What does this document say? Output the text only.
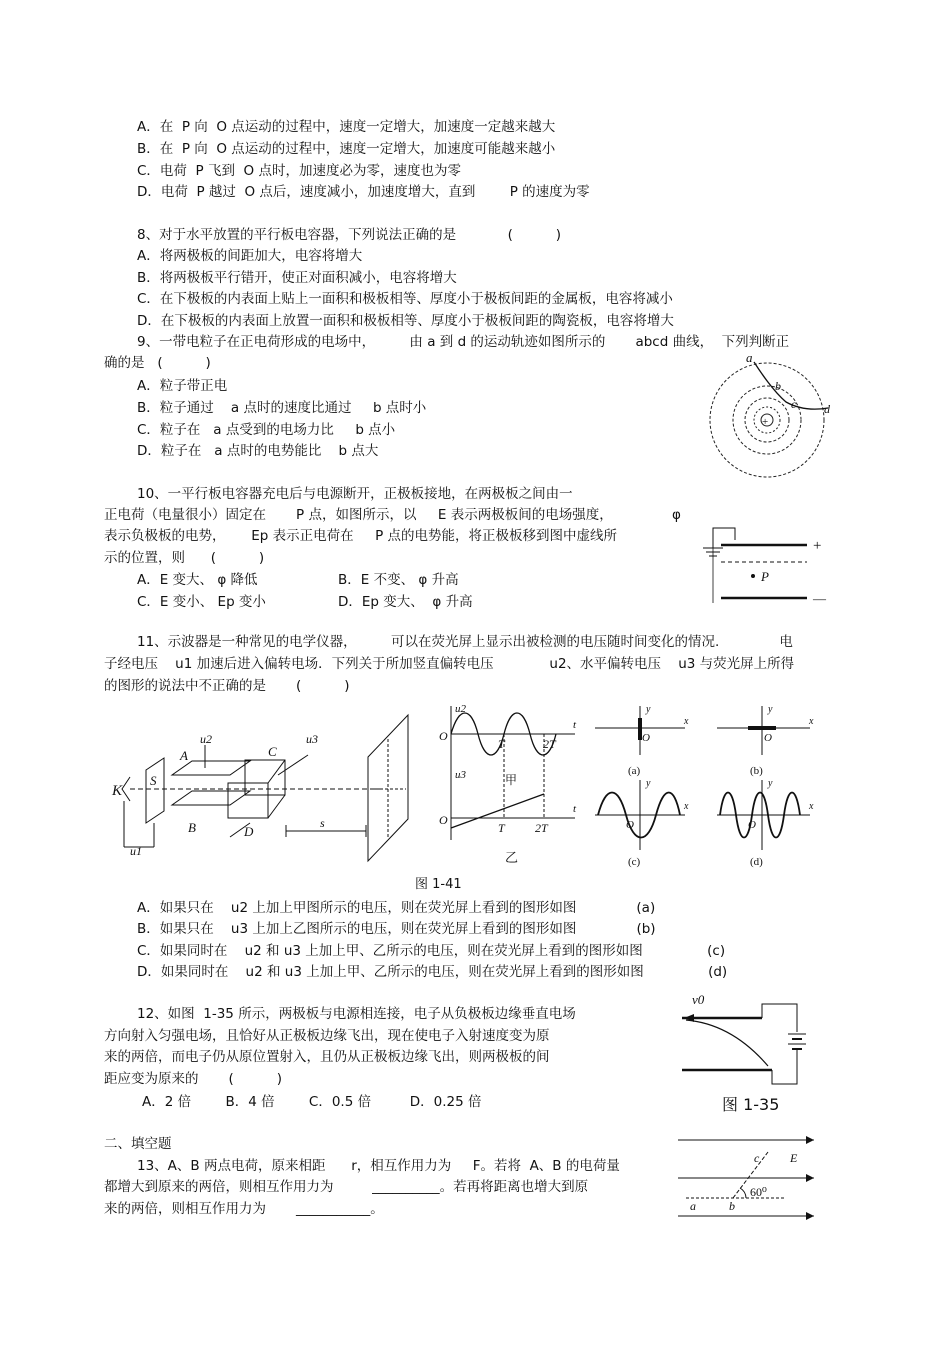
A．在  P 向  O 点运动的过程中，速度一定增大，加速度一定越来越大
B．在  P 向  O 点运动的过程中，速度一定增大，加速度可能越来越小
C．电荷  P 飞到  O 点时，加速度必为零，速度也为零
D．电荷  P 越过  O 点后，速度减小，加速度增大，直到        P 的速度为零
8、对于水平放置的平行板电容器，下列说法正确的是            (          )
A．将两极板的间距加大，电容将增大
B．将两极板平行错开，使正对面积减小，电容将增大
C．在下极板的内表面上贴上一面积和极板相等、厚度小于极板间距的金属板，电容将减小
D．在下极板的内表面上放置一面积和极板相等、厚度小于极板间距的陶瓷板，电容将增大
9、一带电粒子在正电荷形成的电场中，        由 a 到 d 的运动轨迹如图所示的       abcd 曲线，  下列判断正
确的是   (          )
A．粒子带正电
B．粒子通过    a 点时的速度比通过     b 点时小
C．粒子在   a 点受到的电场力比     b 点小
D．粒子在   a 点时的电势能比    b 点大
+
a
b
c d
10、一平行板电容器充电后与电源断开，正极板接地，在两极板之间由一
正电荷（电量很小）固定在       P 点，如图所示，以     E 表示两极板间的电场强度，	φ
表示负极板的电势，      Ep 表示正电荷在     P 点的电势能，将正极板移到图中虚线所
示的位置，则      (          )
A．E 变大、 φ 降低	B．E 不变、 φ 升高
C．E 变小、 Ep 变小	D．Ep 变大、  φ 升高
P
+
—
11、示波器是一种常见的电学仪器，        可以在荧光屏上显示出被检测的电压随时间变化的情况.              电
子经电压    u1 加速后进入偏转电场．下列关于所加竖直偏转电压             u2、水平偏转电压    u3 与荧光屏上所得
的图形的说法中不正确的是       (          )
K
S
u1
u2
A
B
C
D
u3
s
u2
t
O
T	2T
甲
u3
t
O
T	2T
乙
y
x
O
(a)
y
x
O
(b)
y
x
O
(c)
y
x
O
(d)
图 1-41
A．如果只在    u2 上加上甲图所示的电压，则在荧光屏上看到的图形如图              (a)
B．如果只在    u3 上加上乙图所示的电压，则在荧光屏上看到的图形如图              (b)
C．如果同时在    u2 和 u3 上加上甲、乙所示的电压，则在荧光屏上看到的图形如图               (c)
D．如果同时在    u2 和 u3 上加上甲、乙所示的电压，则在荧光屏上看到的图形如图               (d)
12、如图  1-35 所示，两极板与电源相连接，电子从负极板边缘垂直电场
方向射入匀强电场，且恰好从正极板边缘飞出，现在使电子入射速度变为原
来的两倍，而电子仍从原位置射入，且仍从正极板边缘飞出，则两极板的间
距应变为原来的       (          )
A．2 倍        B．4 倍        C．0.5 倍         D．0.25 倍
v0
图 1-35
二、填空题
13、A、B 两点电荷，原来相距      r，相互作用力为     F。若将  A、B 的电荷量
都增大到原来的两倍，则相互作用力为         __________。若再将距离也增大到原
来的两倍，则相互作用力为       ___________。
60⁰
c	E
a	b
